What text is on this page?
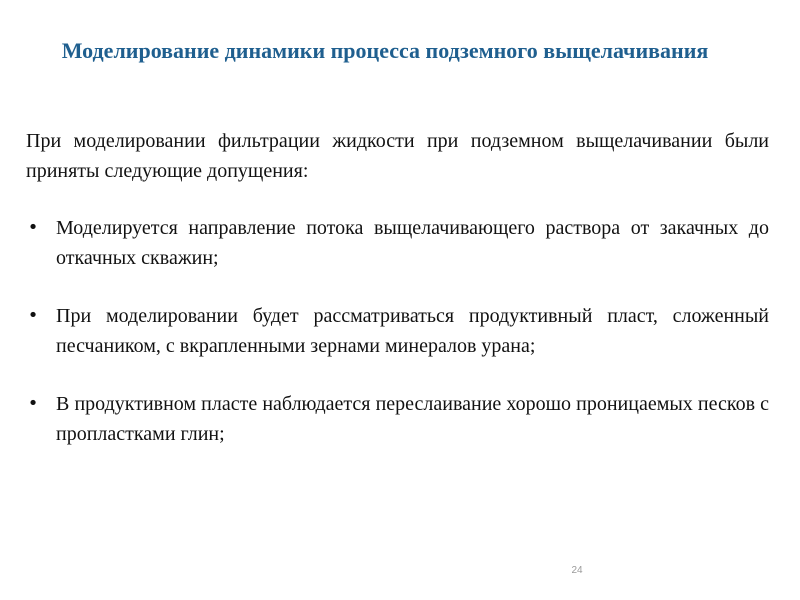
Моделирование динамики процесса подземного выщелачивания
При моделировании фильтрации жидкости при подземном выщелачивании были приняты следующие допущения:
• Моделируется направление потока выщелачивающего раствора от закачных до откачных скважин;
• При моделировании будет рассматриваться продуктивный пласт, сложенный песчаником, с вкрапленными зернами минералов урана;
• В продуктивном пласте наблюдается переслаивание хорошо проницаемых песков с пропластками глин;
24
